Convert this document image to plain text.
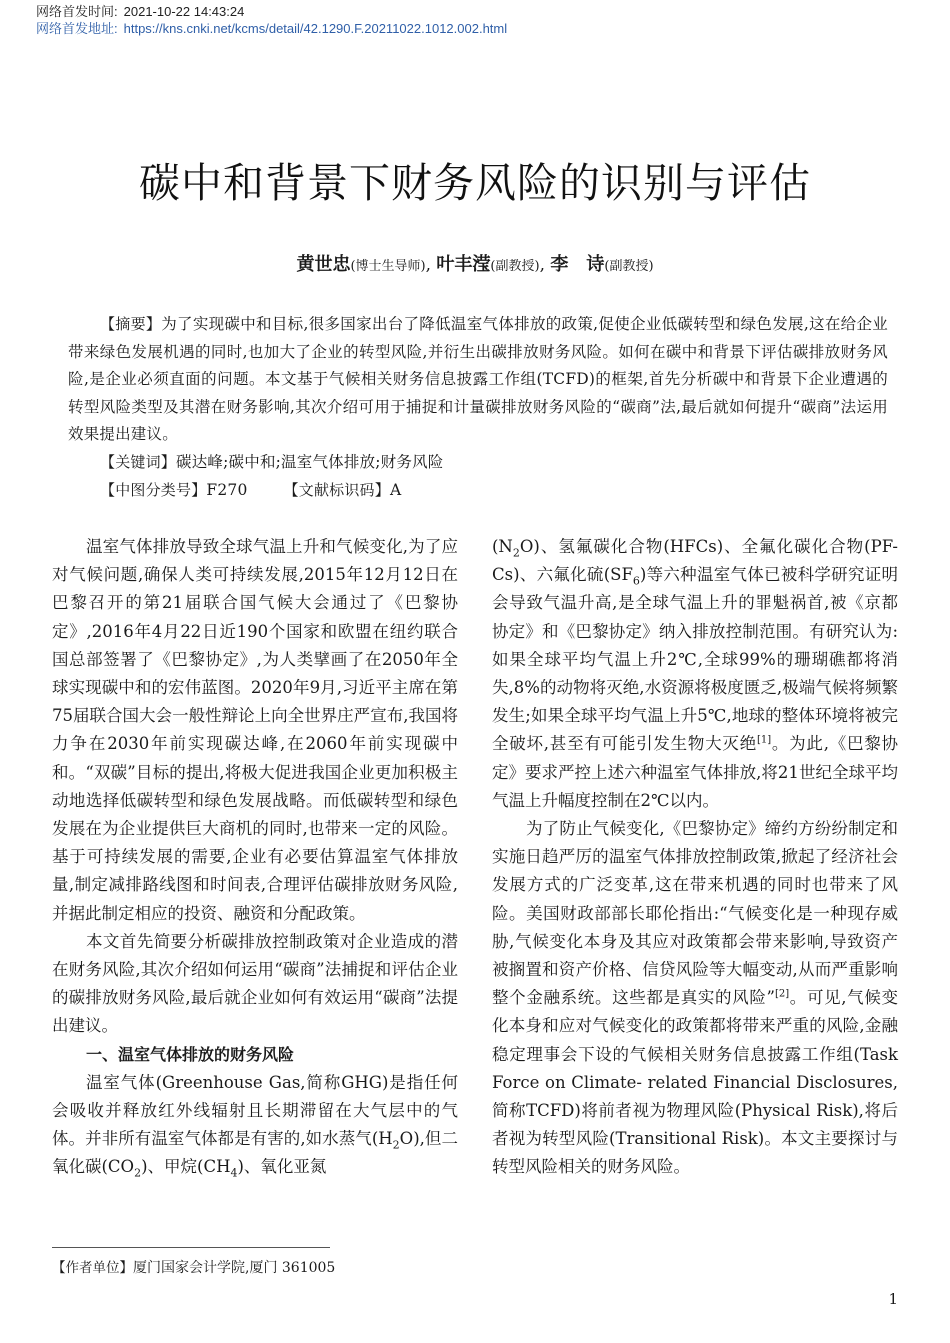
网络首发时间: 2021-10-22 14:43:24
网络首发地址: https://kns.cnki.net/kcms/detail/42.1290.F.20211022.1012.002.html
碳中和背景下财务风险的识别与评估
黄世忠(博士生导师), 叶丰滢(副教授), 李　诗(副教授)

【摘要】为了实现碳中和目标,很多国家出台了降低温室气体排放的政策,促使企业低碳转型和绿色发展,这在给企业带来绿色发展机遇的同时,也加大了企业的转型风险,并衍生出碳排放财务风险。如何在碳中和背景下评估碳排放财务风险,是企业必须直面的问题。本文基于气候相关财务信息披露工作组(TCFD)的框架,首先分析碳中和背景下企业遭遇的转型风险类型及其潜在财务影响,其次介绍可用于捕捉和计量碳排放财务风险的“碳商”法,最后就如何提升“碳商”法运用效果提出建议。

【关键词】碳达峰;碳中和;温室气体排放;财务风险

【中图分类号】F270 【文献标识码】A

温室气体排放导致全球气温上升和气候变化,为了应对气候问题,确保人类可持续发展,2015年12月12日在巴黎召开的第21届联合国气候大会通过了《巴黎协定》,2016年4月22日近190个国家和欧盟在纽约联合国总部签署了《巴黎协定》,为人类擘画了在2050年全球实现碳中和的宏伟蓝图。2020年9月,习近平主席在第75届联合国大会一般性辩论上向全世界庄严宣布,我国将力争在2030年前实现碳达峰,在2060年前实现碳中和。“双碳”目标的提出,将极大促进我国企业更加积极主动地选择低碳转型和绿色发展战略。而低碳转型和绿色发展在为企业提供巨大商机的同时,也带来一定的风险。基于可持续发展的需要,企业有必要估算温室气体排放量,制定减排路线图和时间表,合理评估碳排放财务风险,并据此制定相应的投资、融资和分配政策。

本文首先简要分析碳排放控制政策对企业造成的潜在财务风险,其次介绍如何运用“碳商”法捕捉和评估企业的碳排放财务风险,最后就企业如何有效运用“碳商”法提出建议。

一、温室气体排放的财务风险

温室气体(Greenhouse Gas,简称GHG)是指任何会吸收并释放红外线辐射且长期滞留在大气层中的气体。并非所有温室气体都是有害的,如水蒸气$(H_2O)$,但二氧化碳$(CO_2)$、甲烷$(CH_4)$、氧化亚氮

$(N_2O)$、氢氟碳化合物(HFCs)、全氟化碳化合物(PF-Cs)、六氟化硫$(SF_6)$等六种温室气体已被科学研究证明会导致气温升高,是全球气温上升的罪魁祸首,被《京都协定》和《巴黎协定》纳入排放控制范围。有研究认为:如果全球平均气温上升2℃,全球99%的珊瑚礁都将消失,8%的动物将灭绝,水资源将极度匮乏,极端气候将频繁发生;如果全球平均气温上升5℃,地球的整体环境将被完全破坏,甚至有可能引发生物大灭绝[1]。为此,《巴黎协定》要求严控上述六种温室气体排放,将21世纪全球平均气温上升幅度控制在2℃以内。

为了防止气候变化,《巴黎协定》缔约方纷纷制定和实施日趋严厉的温室气体排放控制政策,掀起了经济社会发展方式的广泛变革,这在带来机遇的同时也带来了风险。美国财政部部长耶伦指出:“气候变化是一种现存威胁,气候变化本身及其应对政策都会带来影响,导致资产被搁置和资产价格、信贷风险等大幅变动,从而严重影响整个金融系统。这些都是真实的风险”[2]。可见,气候变化本身和应对气候变化的政策都将带来严重的风险,金融稳定理事会下设的气候相关财务信息披露工作组(Task Force on Climate- related Financial Disclosures,简称TCFD)将前者视为物理风险(Physical Risk),将后者视为转型风险(Transitional Risk)。本文主要探讨与转型风险相关的财务风险。

【作者单位】厦门国家会计学院,厦门 361005
1
